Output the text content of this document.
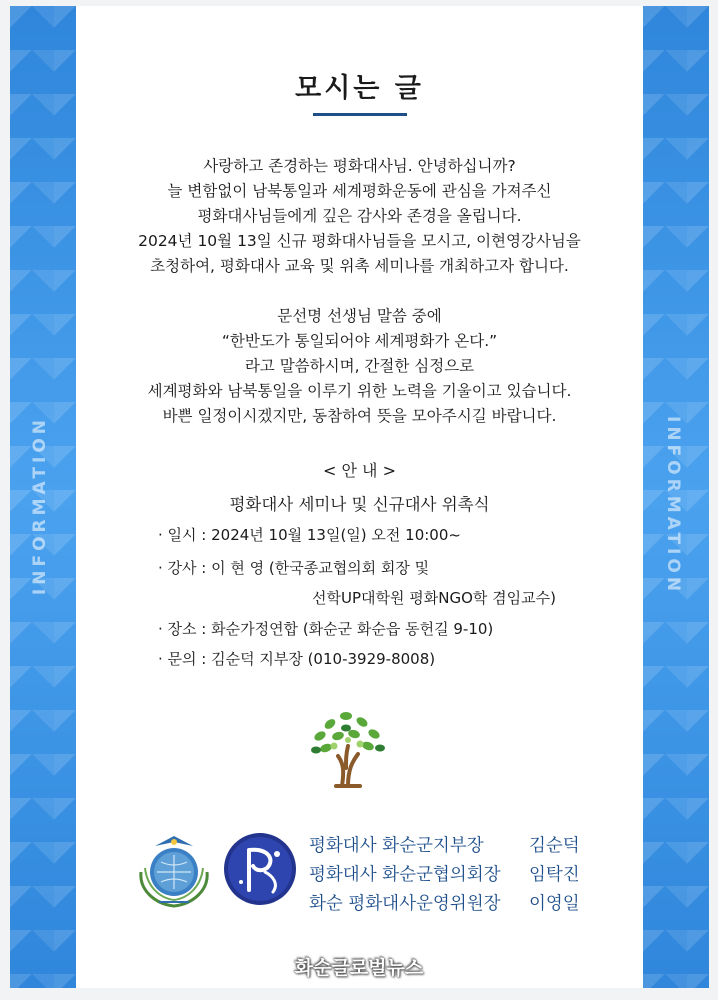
INFORMATION	INFORMATION
모시는 글

사랑하고 존경하는 평화대사님. 안녕하십니까?

늘 변함없이 남북통일과 세계평화운동에 관심을 가져주신

평화대사님들에게 깊은 감사와 존경을 올립니다.

2024년 10월 13일 신규 평화대사님들을 모시고, 이현영강사님을

초청하여, 평화대사 교육 및 위촉 세미나를 개최하고자 합니다.

문선명 선생님 말씀 중에

“한반도가 통일되어야 세계평화가 온다.”

라고 말씀하시며, 간절한 심정으로

세계평화와 남북통일을 이루기 위한 노력을 기울이고 있습니다.

바쁜 일정이시겠지만, 동참하여 뜻을 모아주시길 바랍니다.

< 안 내 >
평화대사 세미나 및 신규대사 위촉식
· 일시 : 2024년 10월 13일(일) 오전 10:00~
· 강사 : 이 현 영 (한국종교협의회 회장 및
선학UP대학원 평화NGO학 겸임교수)
· 장소 : 화순가정연합 (화순군 화순읍 동헌길 9-10)
· 문의 : 김순덕 지부장 (010-3929-8008)
평화대사 화순군지부장	김순덕
평화대사 화순군협의회장 임탁진
화순 평화대사운영위원장 이영일
화순글로벌뉴스
